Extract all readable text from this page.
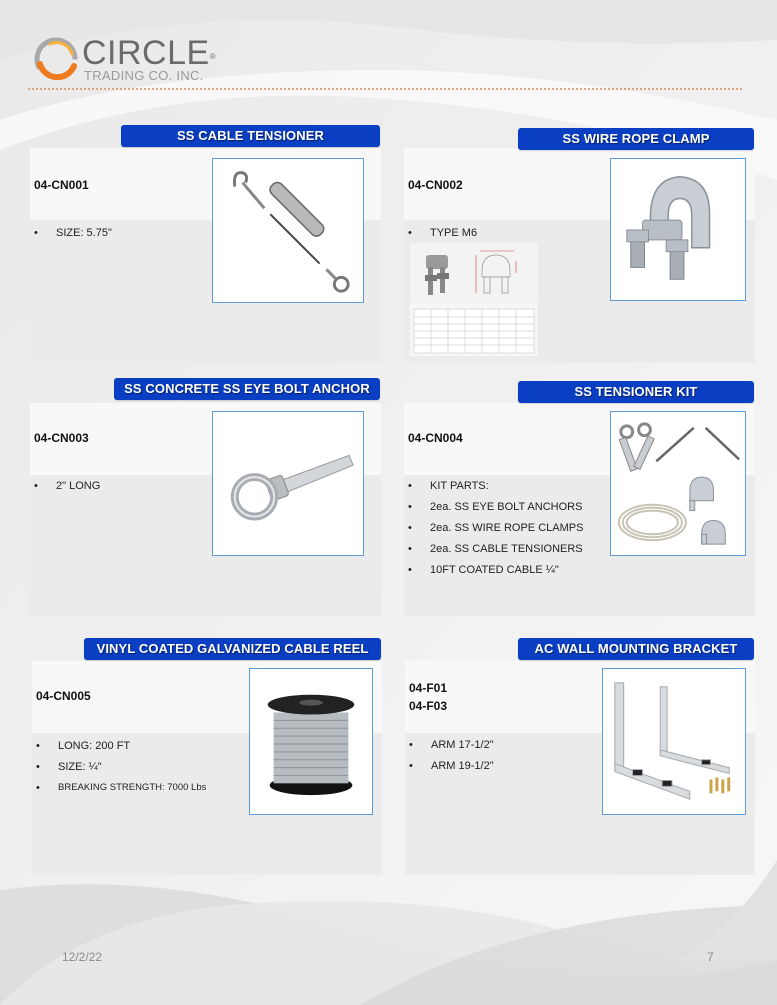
CIRCLE®
TRADING CO. INC.
04-CN001
• SIZE: 5.75"
SS CABLE TENSIONER
04-CN002
• TYPE M6
SS WIRE ROPE CLAMP
04-CN003
• 2" LONG
SS CONCRETE SS EYE BOLT ANCHOR
04-CN004
• KIT PARTS:
• 2ea. SS EYE BOLT ANCHORS
• 2ea. SS WIRE ROPE CLAMPS
• 2ea. SS CABLE TENSIONERS
• 10FT COATED CABLE ¼"
SS TENSIONER KIT
04-CN005
• LONG: 200 FT
• SIZE: ¼"
• BREAKING STRENGTH: 7000 Lbs
VINYL COATED GALVANIZED CABLE REEL
04-F01
04-F03
• ARM 17-1/2"
• ARM 19-1/2"
AC WALL MOUNTING BRACKET
12/2/22	7
